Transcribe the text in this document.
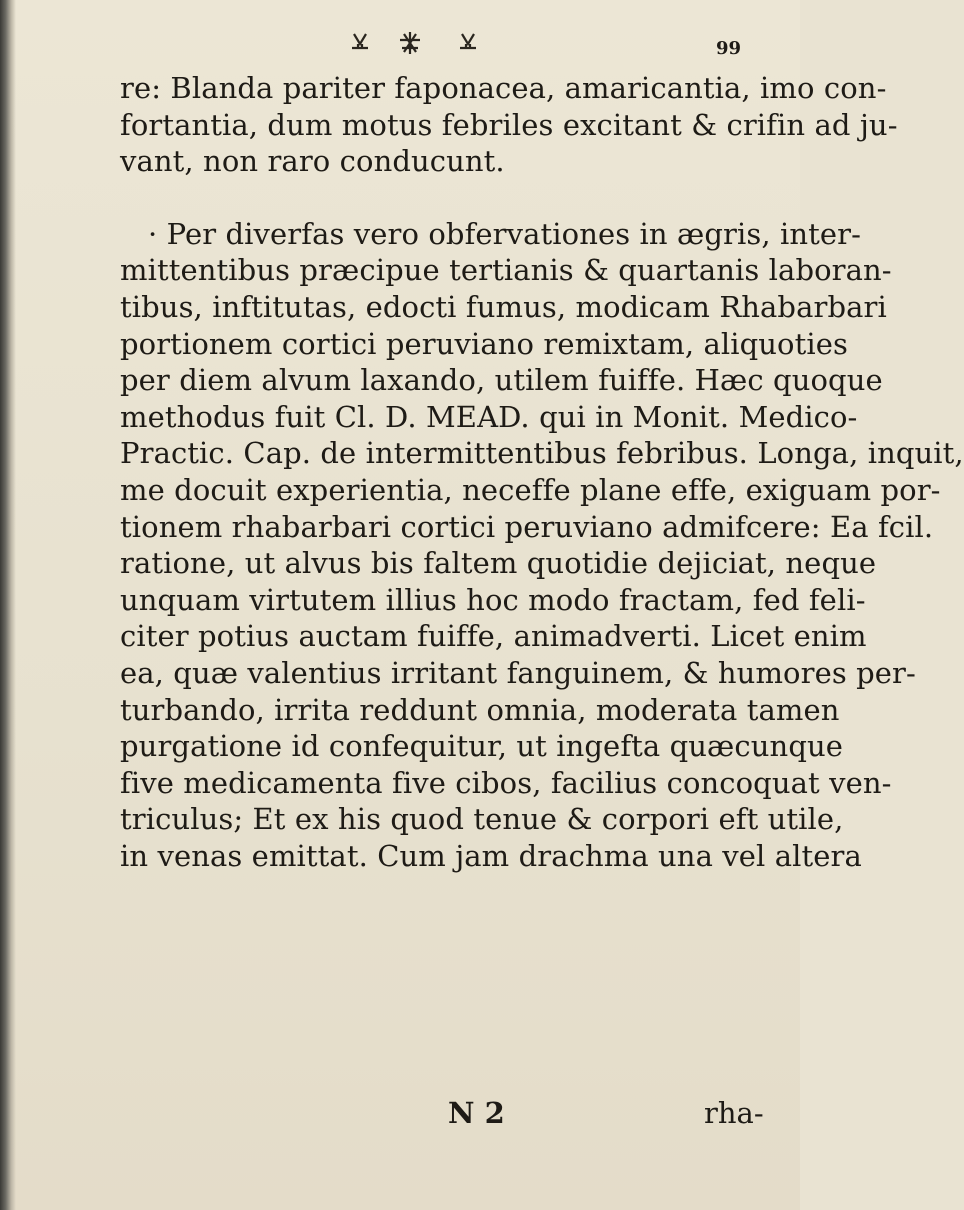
99
re: Blanda pariter faponacea, amaricantia, imo con-
fortantia, dum motus febriles excitant & crifin ad ju-
vant, non raro conducunt.
· Per diverfas vero obfervationes in ægris, inter-
mittentibus præcipue tertianis & quartanis laboran-
tibus, inftitutas, edocti fumus, modicam Rhabarbari
portionem cortici peruviano remixtam, aliquoties
per diem alvum laxando, utilem fuiffe. Hæc quoque
methodus fuit Cl. D. MEAD. qui in Monit. Medico-
Practic. Cap. de intermittentibus febribus. Longa, inquit,
me docuit experientia, neceffe plane effe, exiguam por-
tionem rhabarbari cortici peruviano admifcere: Ea fcil.
ratione, ut alvus bis faltem quotidie dejiciat, neque
unquam virtutem illius hoc modo fractam, fed feli-
citer potius auctam fuiffe, animadverti. Licet enim
ea, quæ valentius irritant fanguinem, & humores per-
turbando, irrita reddunt omnia, moderata tamen
purgatione id confequitur, ut ingefta quæcunque
five medicamenta five cibos, facilius concoquat ven-
triculus; Et ex his quod tenue & corpori eft utile,
in venas emittat. Cum jam drachma una vel altera
N 2	rha-
